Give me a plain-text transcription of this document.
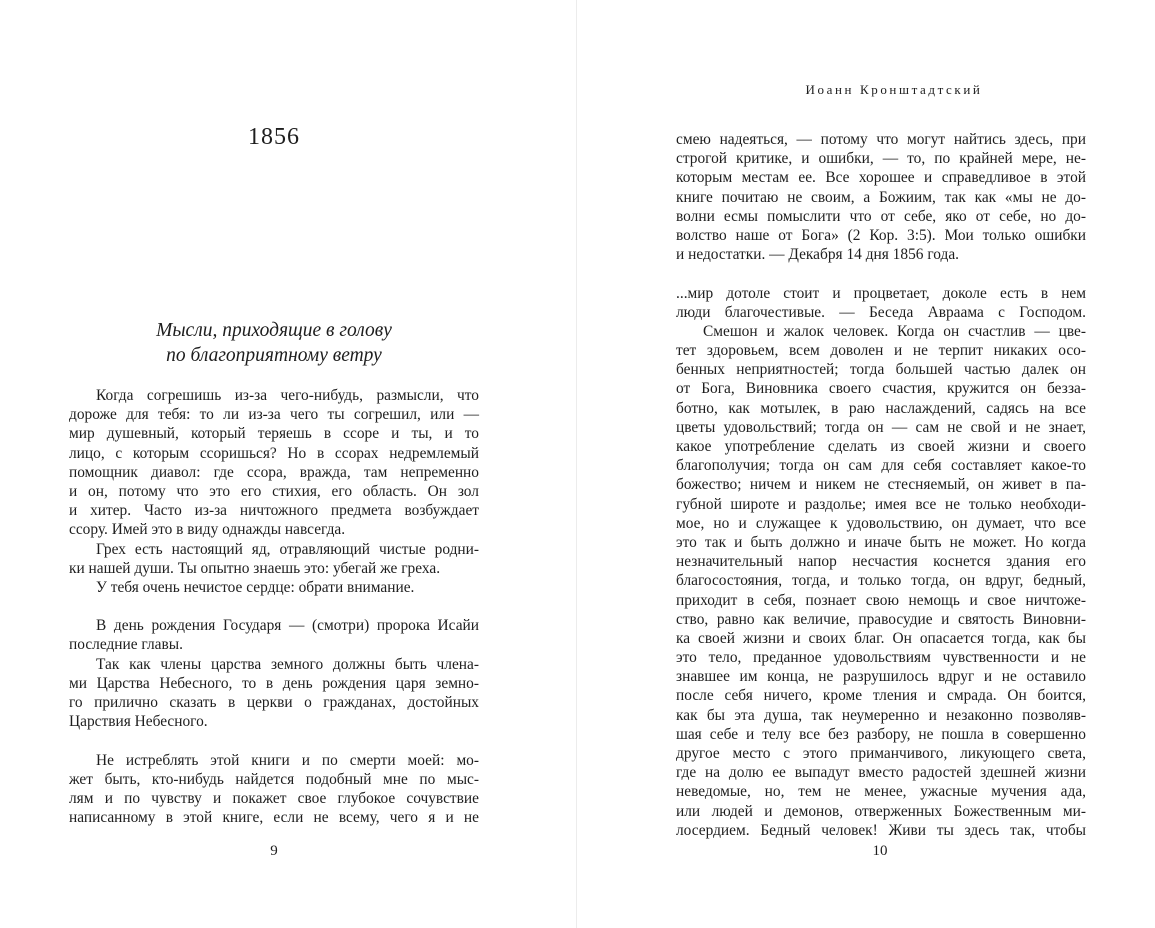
1856
Мысли, приходящие в голову
по благоприятному ветру
Когда согрешишь из-за чего-нибудь, размысли, что
дороже для тебя: то ли из-за чего ты согрешил, или —
мир душевный, который теряешь в ссоре и ты, и то
лицо, с которым ссоришься? Но в ссорах недремлемый
помощник диавол: где ссора, вражда, там непременно
и он, потому что это его стихия, его область. Он зол
и хитер. Часто из-за ничтожного предмета возбуждает
ссору. Имей это в виду однажды навсегда.
Грех есть настоящий яд, отравляющий чистые родни-
ки нашей души. Ты опытно знаешь это: убегай же греха.
У тебя очень нечистое сердце: обрати внимание.
В день рождения Государя — (смотри) пророка Исайи
последние главы.
Так как члены царства земного должны быть члена-
ми Царства Небесного, то в день рождения царя земно-
го прилично сказать в церкви о гражданах, достойных
Царствия Небесного.
Не истреблять этой книги и по смерти моей: мо-
жет быть, кто-нибудь найдется подобный мне по мыс-
лям и по чувству и покажет свое глубокое сочувствие
написанному в этой книге, если не всему, чего я и не
9
Иоанн Кронштадтский
смею надеяться, — потому что могут найтись здесь, при
строгой критике, и ошибки, — то, по крайней мере, не-
которым местам ее. Все хорошее и справедливое в этой
книге почитаю не своим, а Божиим, так как «мы не до-
волни есмы помыслити что от себе, яко от себе, но до-
волство наше от Бога» (2 Кор. 3:5). Мои только ошибки
и недостатки. — Декабря 14 дня 1856 года.
...мир дотоле стоит и процветает, доколе есть в нем
люди благочестивые. — Беседа Авраама с Господом.
Смешон и жалок человек. Когда он счастлив — цве-
тет здоровьем, всем доволен и не терпит никаких осо-
бенных неприятностей; тогда большей частью далек он
от Бога, Виновника своего счастия, кружится он безза-
ботно, как мотылек, в раю наслаждений, садясь на все
цветы удовольствий; тогда он — сам не свой и не знает,
какое употребление сделать из своей жизни и своего
благополучия; тогда он сам для себя составляет какое-то
божество; ничем и никем не стесняемый, он живет в па-
губной широте и раздолье; имея все не только необходи-
мое, но и служащее к удовольствию, он думает, что все
это так и быть должно и иначе быть не может. Но когда
незначительный напор несчастия коснется здания его
благосостояния, тогда, и только тогда, он вдруг, бедный,
приходит в себя, познает свою немощь и свое ничтоже-
ство, равно как величие, правосудие и святость Виновни-
ка своей жизни и своих благ. Он опасается тогда, как бы
это тело, преданное удовольствиям чувственности и не
знавшее им конца, не разрушилось вдруг и не оставило
после себя ничего, кроме тления и смрада. Он боится,
как бы эта душа, так неумеренно и незаконно позволяв-
шая себе и телу все без разбору, не пошла в совершенно
другое место с этого приманчивого, ликующего света,
где на долю ее выпадут вместо радостей здешней жизни
неведомые, но, тем не менее, ужасные мучения ада,
или людей и демонов, отверженных Божественным ми-
лосердием. Бедный человек! Живи ты здесь так, чтобы
10
